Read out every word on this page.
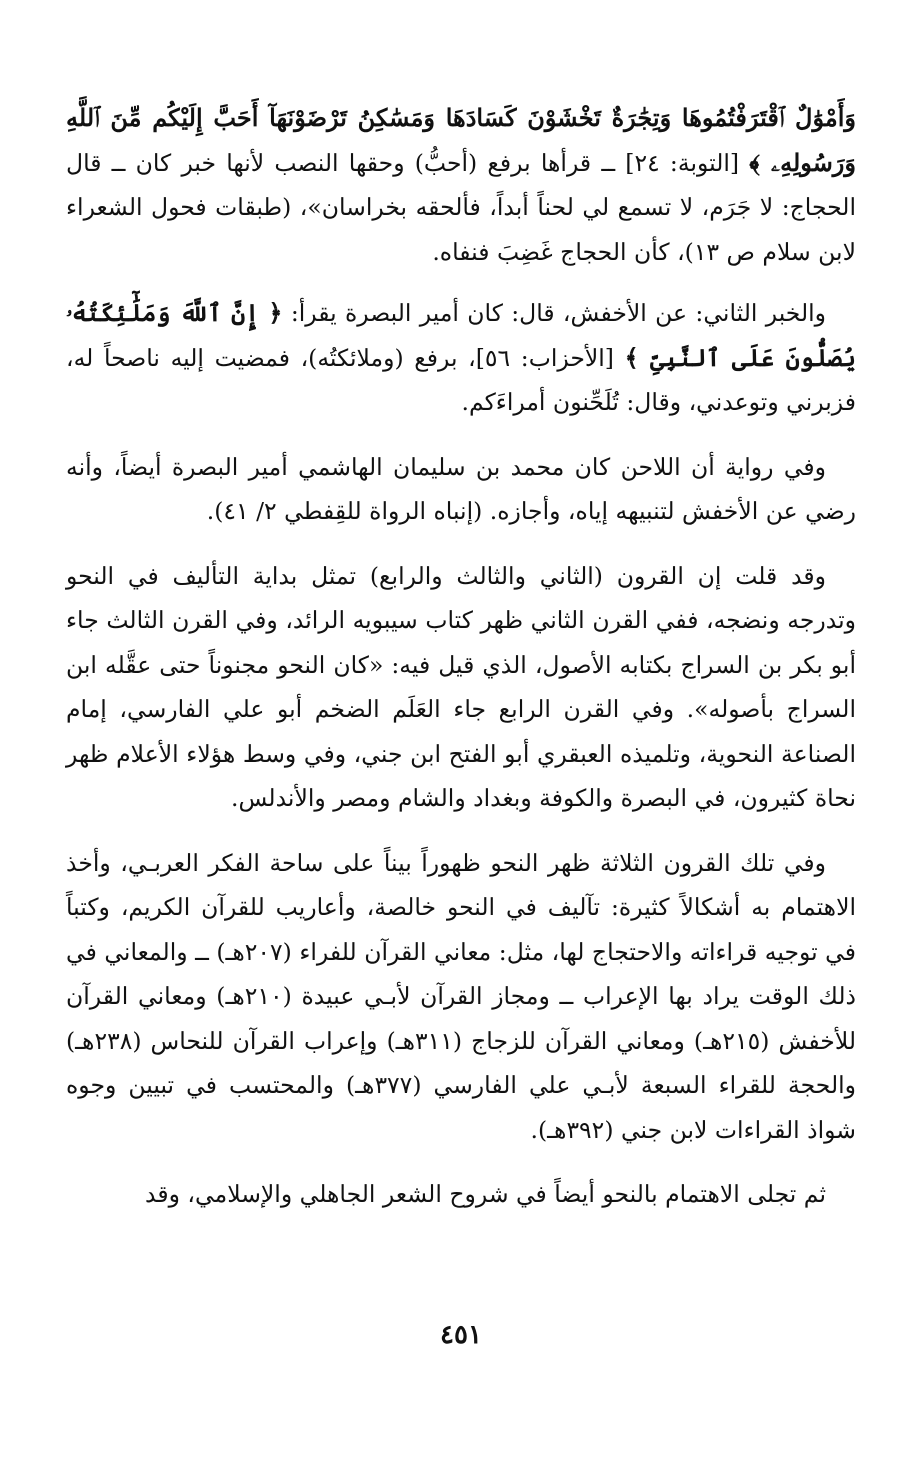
وَأَمْوَٰلٌ ٱقْتَرَفْتُمُوهَا وَتِجَٰرَةٌ تَخْشَوْنَ كَسَادَهَا وَمَسَٰكِنُ تَرْضَوْنَهَآ أَحَبَّ إِلَيْكُم مِّنَ ٱللَّهِ وَرَسُولِهِۦ ﴾ [التوبة: ٢٤] ــ قرأها برفع (أحبُّ) وحقها النصب لأنها خبر كان ــ قال الحجاج: لا جَرَم، لا تسمع لي لحناً أبداً، فألحقه بخراسان»، (طبقات فحول الشعراء لابن سلام ص ١٣)، كأن الحجاج غَضِبَ فنفاه.

والخبر الثاني: عن الأخفش، قال: كان أمير البصرة يقرأ: ﴿ إِنَّ ٱللَّهَ وَمَلَٰٓئِكَتُهُۥ يُصَلُّونَ عَلَى ٱلنَّبِىِّ ﴾ [الأحزاب: ٥٦]، برفع (وملائكتُه)، فمضيت إليه ناصحاً له، فزبرني وتوعدني، وقال: تُلَحِّنون أمراءَكم.

وفي رواية أن اللاحن كان محمد بن سليمان الهاشمي أمير البصرة أيضاً، وأنه رضي عن الأخفش لتنبيهه إياه، وأجازه. (إنباه الرواة للقِفطي ٢/ ٤١).

وقد قلت إن القرون (الثاني والثالث والرابع) تمثل بداية التأليف في النحو وتدرجه ونضجه، ففي القرن الثاني ظهر كتاب سيبويه الرائد، وفي القرن الثالث جاء أبو بكر بن السراج بكتابه الأصول، الذي قيل فيه: «كان النحو مجنوناً حتى عقَّله ابن السراج بأصوله». وفي القرن الرابع جاء العَلَم الضخم أبو علي الفارسي، إمام الصناعة النحوية، وتلميذه العبقري أبو الفتح ابن جني، وفي وسط هؤلاء الأعلام ظهر نحاة كثيرون، في البصرة والكوفة وبغداد والشام ومصر والأندلس.

وفي تلك القرون الثلاثة ظهر النحو ظهوراً بيناً على ساحة الفكر العربـي، وأخذ الاهتمام به أشكالاً كثيرة: تآليف في النحو خالصة، وأعاريب للقرآن الكريم، وكتباً في توجيه قراءاته والاحتجاج لها، مثل: معاني القرآن للفراء (٢٠٧هـ) ــ والمعاني في ذلك الوقت يراد بها الإعراب ــ ومجاز القرآن لأبـي عبيدة (٢١٠هـ) ومعاني القرآن للأخفش (٢١٥هـ) ومعاني القرآن للزجاج (٣١١هـ) وإعراب القرآن للنحاس (٢٣٨هـ) والحجة للقراء السبعة لأبـي علي الفارسي (٣٧٧هـ) والمحتسب في تبيين وجوه شواذ القراءات لابن جني (٣٩٢هـ).

ثم تجلى الاهتمام بالنحو أيضاً في شروح الشعر الجاهلي والإسلامي، وقد

٤٥١
